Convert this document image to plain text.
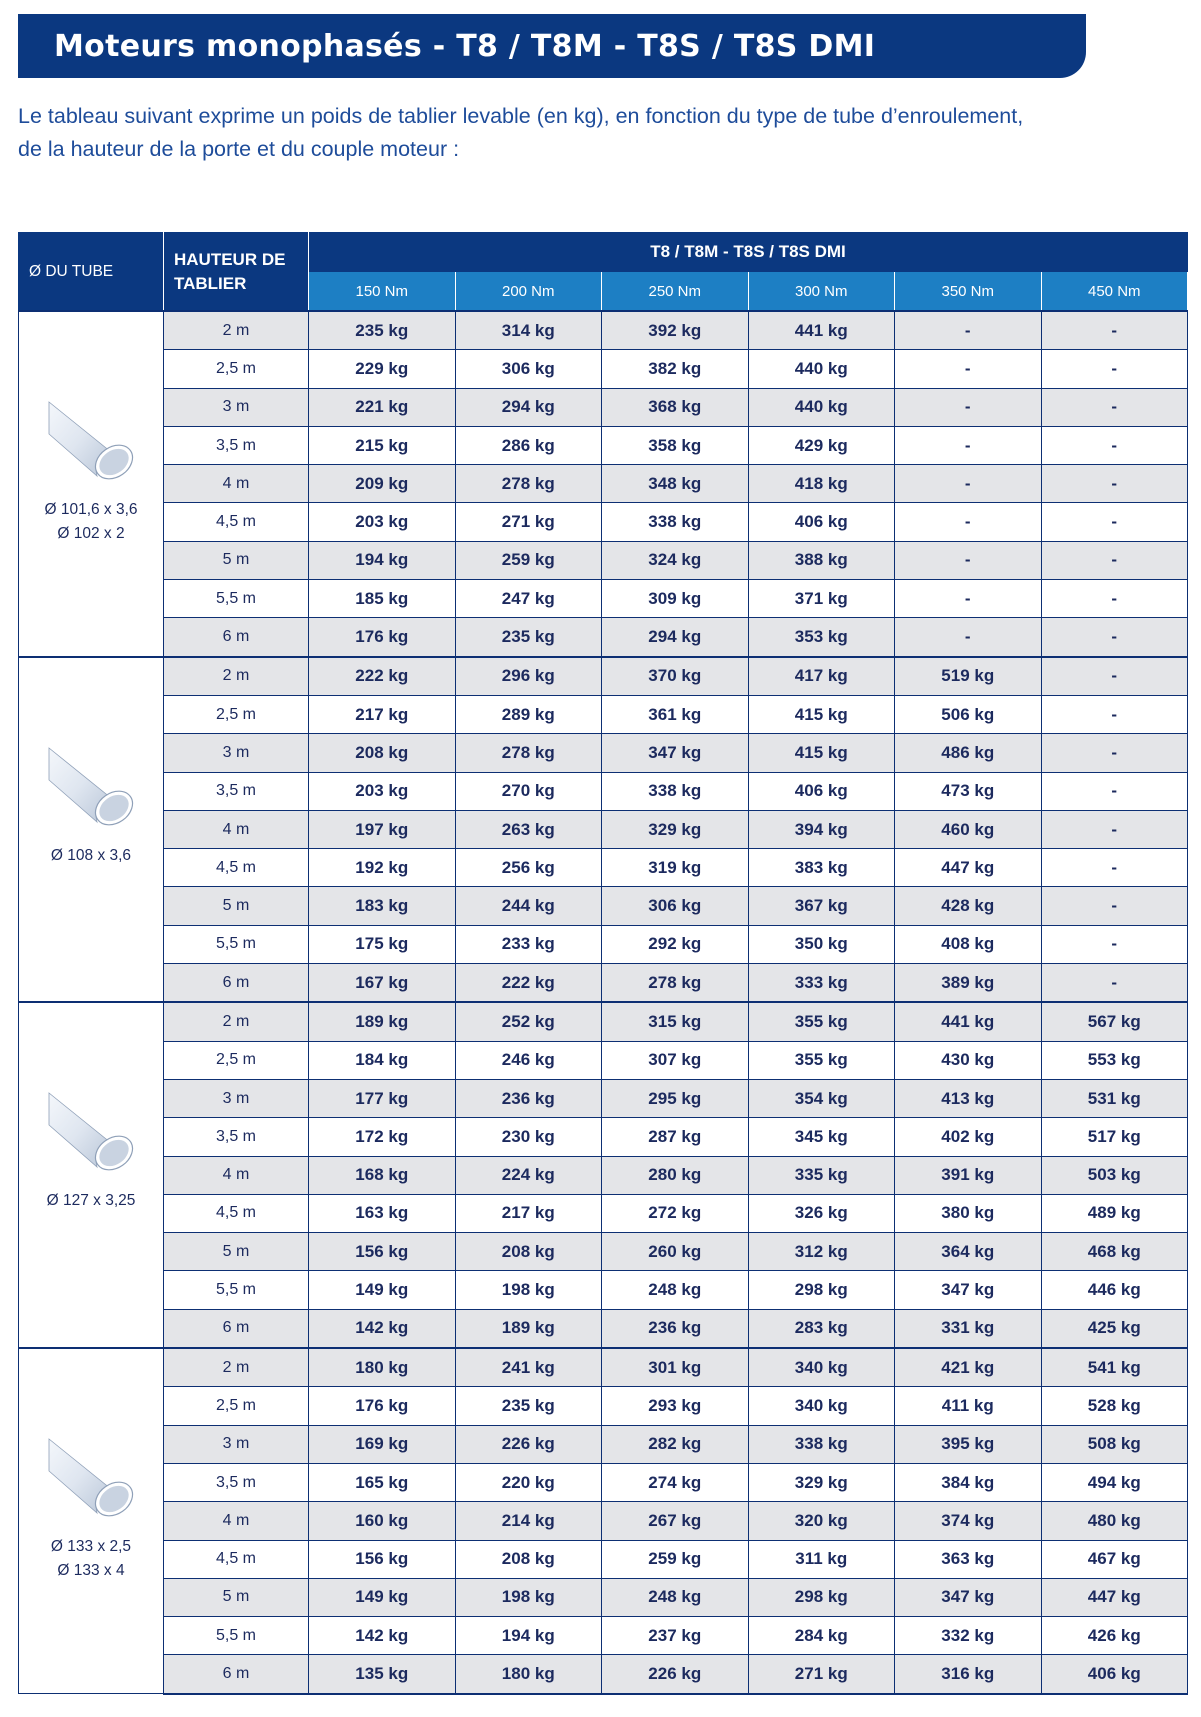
Moteurs monophasés - T8 / T8M - T8S / T8S DMI
Le tableau suivant exprime un poids de tablier levable (en kg), en fonction du type de tube d’enroulement,
de la hauteur de la porte et du couple moteur :
Ø DU TUBE	HAUTEUR DE
TABLIER	T8 / T8M - T8S / T8S DMI					
		150 Nm	200 Nm	250 Nm	300 Nm	350 Nm	450 Nm

Ø 101,6 x 3,6
Ø 102 x 2	2 m	235 kg	314 kg	392 kg	441 kg	-	-
	2,5 m	229 kg	306 kg	382 kg	440 kg	-	-
	3 m	221 kg	294 kg	368 kg	440 kg	-	-
	3,5 m	215 kg	286 kg	358 kg	429 kg	-	-
	4 m	209 kg	278 kg	348 kg	418 kg	-	-
	4,5 m	203 kg	271 kg	338 kg	406 kg	-	-
	5 m	194 kg	259 kg	324 kg	388 kg	-	-
	5,5 m	185 kg	247 kg	309 kg	371 kg	-	-
	6 m	176 kg	235 kg	294 kg	353 kg	-	-

Ø 108 x 3,6	2 m	222 kg	296 kg	370 kg	417 kg	519 kg	-
	2,5 m	217 kg	289 kg	361 kg	415 kg	506 kg	-
	3 m	208 kg	278 kg	347 kg	415 kg	486 kg	-
	3,5 m	203 kg	270 kg	338 kg	406 kg	473 kg	-
	4 m	197 kg	263 kg	329 kg	394 kg	460 kg	-
	4,5 m	192 kg	256 kg	319 kg	383 kg	447 kg	-
	5 m	183 kg	244 kg	306 kg	367 kg	428 kg	-
	5,5 m	175 kg	233 kg	292 kg	350 kg	408 kg	-
	6 m	167 kg	222 kg	278 kg	333 kg	389 kg	-

Ø 127 x 3,25	2 m	189 kg	252 kg	315 kg	355 kg	441 kg	567 kg
	2,5 m	184 kg	246 kg	307 kg	355 kg	430 kg	553 kg
	3 m	177 kg	236 kg	295 kg	354 kg	413 kg	531 kg
	3,5 m	172 kg	230 kg	287 kg	345 kg	402 kg	517 kg
	4 m	168 kg	224 kg	280 kg	335 kg	391 kg	503 kg
	4,5 m	163 kg	217 kg	272 kg	326 kg	380 kg	489 kg
	5 m	156 kg	208 kg	260 kg	312 kg	364 kg	468 kg
	5,5 m	149 kg	198 kg	248 kg	298 kg	347 kg	446 kg
	6 m	142 kg	189 kg	236 kg	283 kg	331 kg	425 kg

Ø 133 x 2,5
Ø 133 x 4	2 m	180 kg	241 kg	301 kg	340 kg	421 kg	541 kg
	2,5 m	176 kg	235 kg	293 kg	340 kg	411 kg	528 kg
	3 m	169 kg	226 kg	282 kg	338 kg	395 kg	508 kg
	3,5 m	165 kg	220 kg	274 kg	329 kg	384 kg	494 kg
	4 m	160 kg	214 kg	267 kg	320 kg	374 kg	480 kg
	4,5 m	156 kg	208 kg	259 kg	311 kg	363 kg	467 kg
	5 m	149 kg	198 kg	248 kg	298 kg	347 kg	447 kg
	5,5 m	142 kg	194 kg	237 kg	284 kg	332 kg	426 kg
	6 m	135 kg	180 kg	226 kg	271 kg	316 kg	406 kg
